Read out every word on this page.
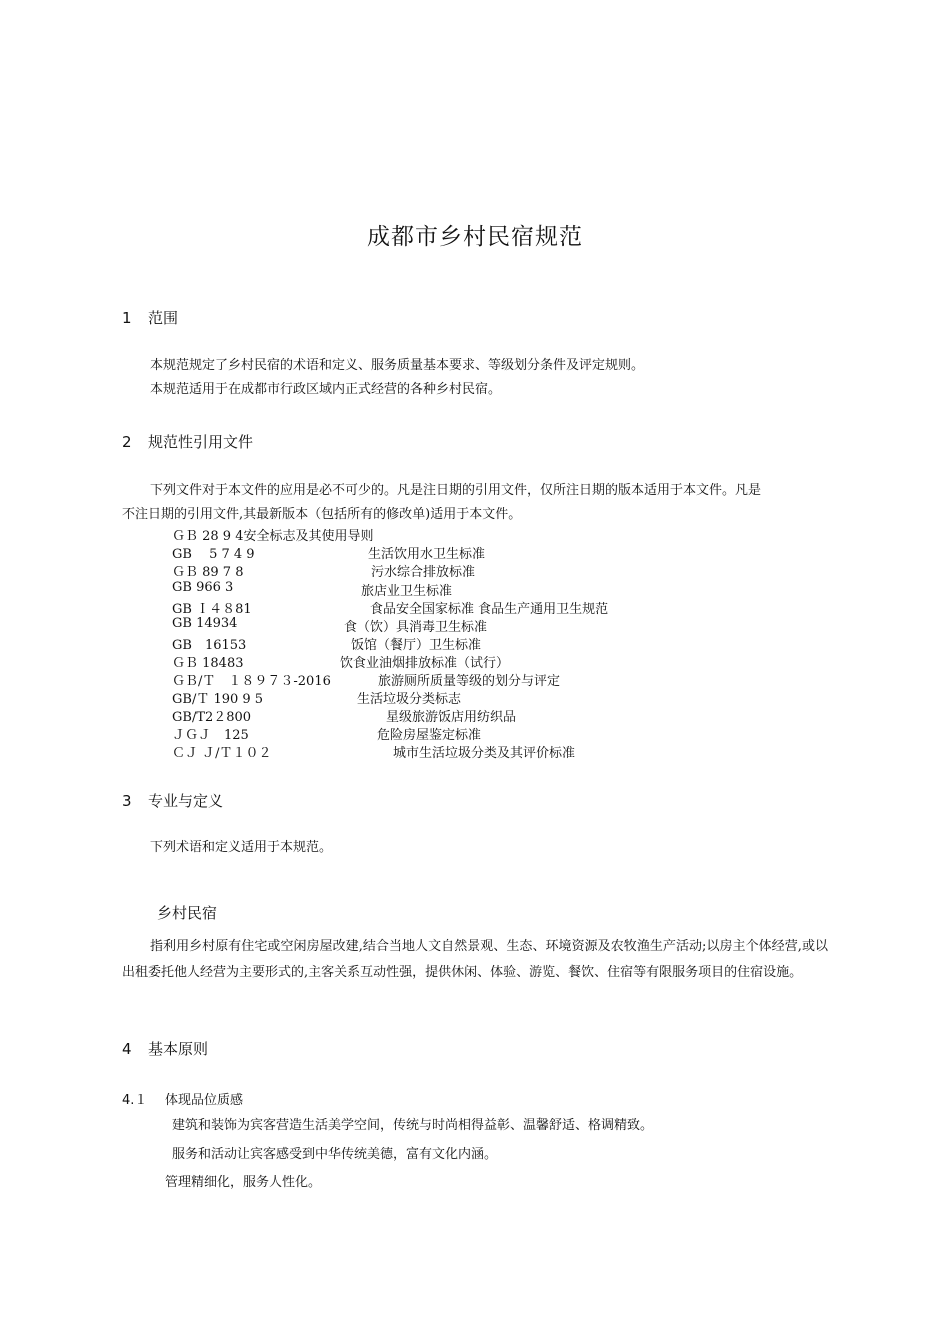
成都市乡村民宿规范
1 范围
本规范规定了乡村民宿的术语和定义、服务质量基本要求、等级划分条件及评定规则。
本规范适用于在成都市行政区域内正式经营的各种乡村民宿。
2 规范性引用文件
下列文件对于本文件的应用是必不可少的。凡是注日期的引用文件，仅所注日期的版本适用于本文件。凡是
不注日期的引用文件,其最新版本（包括所有的修改单)适用于本文件。
ＧＢ 28 9 4安全标志及其使用导则
GB　 5 7 4 9	生活饮用水卫生标准
ＧＢ 89 7 8	污水综合排放标准
GB 966 3	旅店业卫生标准
GB Ｉ４８81	食品安全国家标准 食品生产通用卫生规范
GB 14934	食（饮）具消毒卫生标准
GB　16153	饭馆（餐厅）卫生标准
ＧＢ 18483	饮食业油烟排放标准（试行）
ＧＢ/Ｔ　１８９７３-2016	旅游厕所质量等级的划分与评定
GB/Ｔ 190 9 5	生活垃圾分类标志
GB/T2２800	星级旅游饭店用纺织品
ＪＧＪ　125	危险房屋鉴定标准
ＣＪ Ｊ/Ｔ１０２	城市生活垃圾分类及其评价标准
3 专业与定义
下列术语和定义适用于本规范。
乡村民宿
指利用乡村原有住宅或空闲房屋改建,结合当地人文自然景观、生态、环境资源及农牧渔生产活动;以房主个体经营,或以出租委托他人经营为主要形式的,主客关系互动性强，提供休闲、体验、游览、餐饮、住宿等有限服务项目的住宿设施。
4 基本原则
4.１ 体现品位质感
建筑和装饰为宾客营造生活美学空间，传统与时尚相得益彰、温馨舒适、格调精致。
服务和活动让宾客感受到中华传统美德，富有文化内涵。
管理精细化，服务人性化。
